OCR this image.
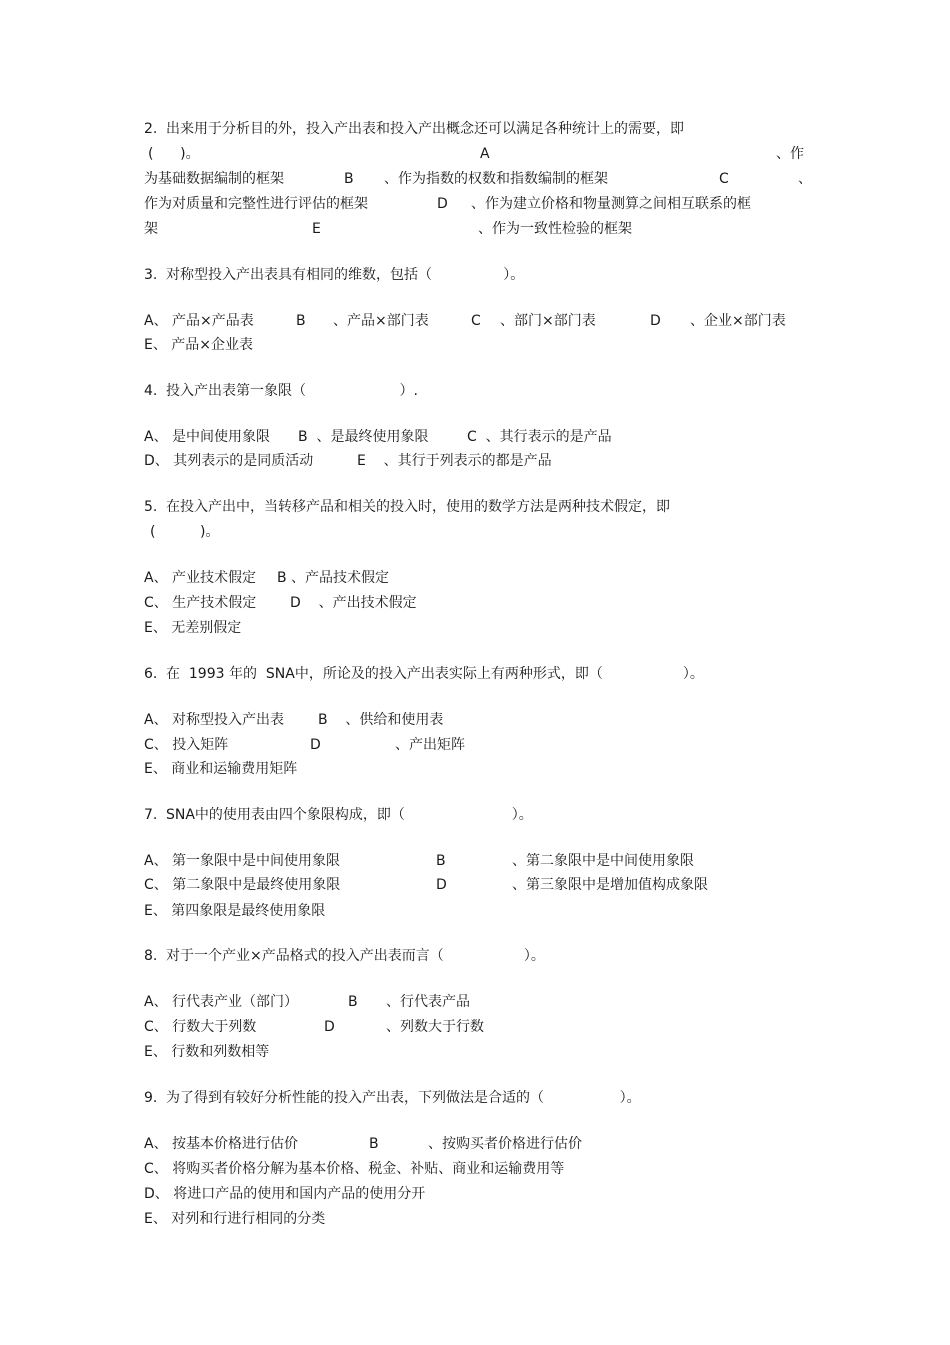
2. 出来用于分析目的外，投入产出表和投入产出概念还可以满足各种统计上的需要，即
(      )。	A	、作
为基础数据编制的框架	B 、作为指数的权数和指数编制的框架	C	、
作为对质量和完整性进行评估的框架	D 、作为建立价格和物量测算之间相互联系的框
架	E	、作为一致性检验的框架
3. 对称型投入产出表具有相同的维数，包括（                ）。
A、 产品×产品表	B 、产品×部门表	C 、部门×部门表	D 、企业×部门表
E、 产品×企业表
4. 投入产出表第一象限（                     ）.
A、 是中间使用象限 B  、是最终使用象限	C  、其行表示的是产品
D、 其列表示的是同质活动	E    、其行于列表示的都是产品
5. 在投入产出中，当转移产品和相关的投入时，使用的数学方法是两种技术假定，即
(          )。
A、 产业技术假定 B 、产品技术假定
C、 生产技术假定 D    、产出技术假定
E、 无差别假定
6. 在  1993 年的  SNA中，所论及的投入产出表实际上有两种形式，即（                  ）。
A、 对称型投入产出表 B    、供给和使用表
C、 投入矩阵	D	、产出矩阵
E、 商业和运输费用矩阵
7. SNA中的使用表由四个象限构成，即（                        ）。
A、 第一象限中是中间使用象限	B	、第二象限中是中间使用象限
C、 第二象限中是最终使用象限	D	、第三象限中是增加值构成象限
E、 第四象限是最终使用象限
8. 对于一个产业×产品格式的投入产出表而言（                  ）。
A、 行代表产业（部门）	B 、行代表产品
C、 行数大于列数	D	、列数大于行数
E、 行数和列数相等
9. 为了得到有较好分析性能的投入产出表，下列做法是合适的（                 ）。
A、 按基本价格进行估价	B	、按购买者价格进行估价
C、 将购买者价格分解为基本价格、税金、补贴、商业和运输费用等
D、 将进口产品的使用和国内产品的使用分开
E、 对列和行进行相同的分类
